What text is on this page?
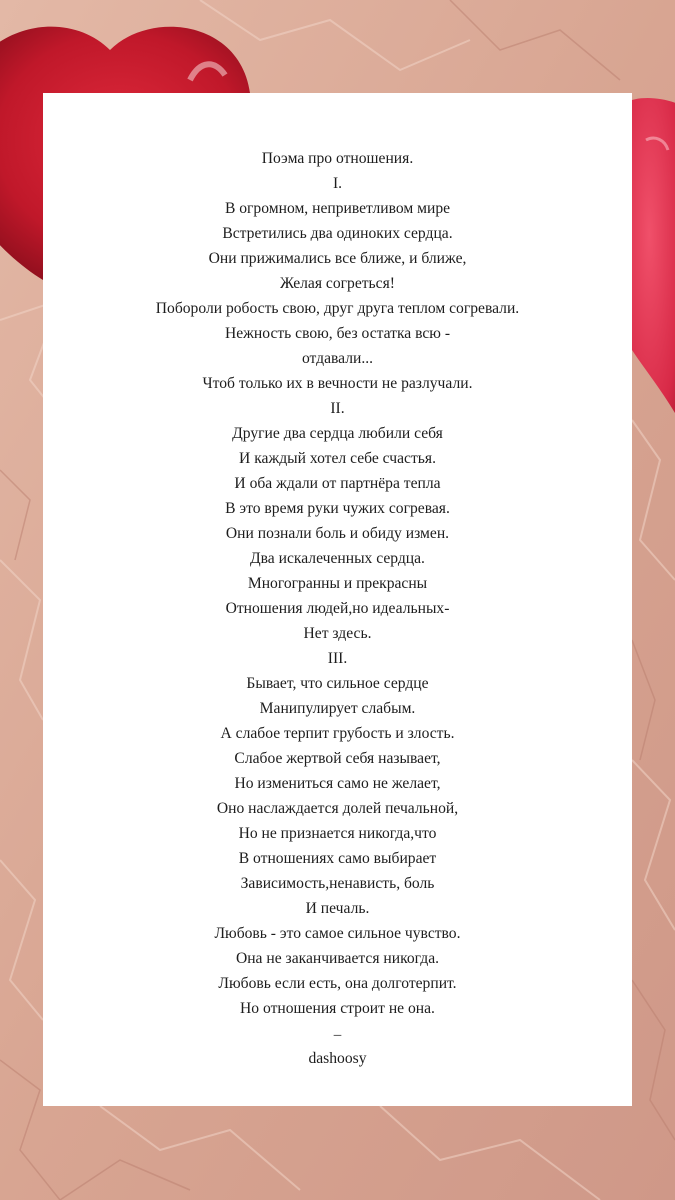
Поэма про отношения.
I.
В огромном, неприветливом мире
Встретились два одиноких сердца.
Они прижимались все ближе, и ближе,
Желая согреться!
Побороли робость свою, друг друга теплом согревали.
Нежность свою, без остатка всю -
отдавали...
Чтоб только их в вечности не разлучали.
II.
Другие два сердца любили себя
И каждый хотел себе счастья.
И оба ждали от партнёра тепла
В это время руки чужих согревая.
Они познали боль и обиду измен.
Два искалеченных сердца.
Многогранны и прекрасны
Отношения людей,но идеальных-
Нет здесь.
III.
Бывает, что сильное сердце
Манипулирует слабым.
А слабое терпит грубость и злость.
Слабое жертвой себя называет,
Но измениться само не желает,
Оно наслаждается долей печальной,
Но не признается никогда,что
В отношениях само выбирает
Зависимость,ненависть, боль
И печаль.
Любовь - это самое сильное чувство.
Она не заканчивается никогда.
Любовь если есть, она долготерпит.
Но отношения строит не она.
–
dashoosy
